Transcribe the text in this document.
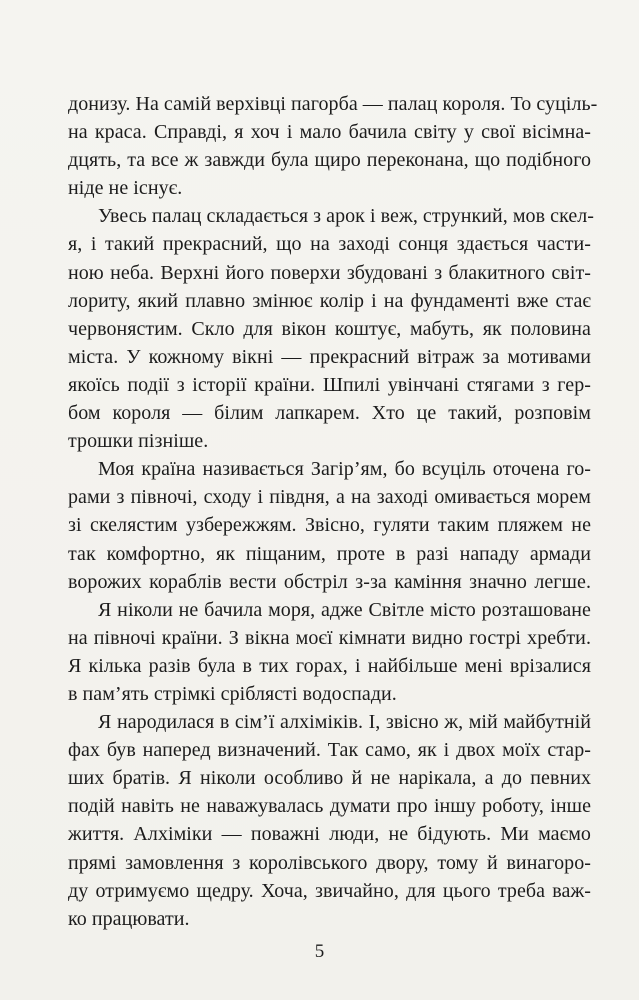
донизу. На самій верхівці пагорба — палац короля. То суціль-
на краса. Справді, я хоч і мало бачила світу у свої вісімна-
дцять, та все ж завжди була щиро переконана, що подібного
ніде не існує.
Увесь палац складається з арок і веж, стрункий, мов скел-
я, і такий прекрасний, що на заході сонця здається части-
ною неба. Верхні його поверхи збудовані з блакитного світ-
лориту, який плавно змінює колір і на фундаменті вже стає
червонястим. Скло для вікон коштує, мабуть, як половина
міста. У кожному вікні — прекрасний вітраж за мотивами
якоїсь події з історії країни. Шпилі увінчані стягами з гер-
бом короля — білим лапкарем. Хто це такий, розповім
трошки пізніше.
Моя країна називається Загір’ям, бо всуціль оточена го-
рами з півночі, сходу і півдня, а на заході омивається морем
зі скелястим узбережжям. Звісно, гуляти таким пляжем не
так комфортно, як піщаним, проте в разі нападу армади
ворожих кораблів вести обстріл з-за каміння значно легше.
Я ніколи не бачила моря, адже Світле місто розташоване
на півночі країни. З вікна моєї кімнати видно гострі хребти.
Я кілька разів була в тих горах, і найбільше мені врізалися
в пам’ять стрімкі сріблясті водоспади.
Я народилася в сім’ї алхіміків. І, звісно ж, мій майбутній
фах був наперед визначений. Так само, як і двох моїх стар-
ших братів. Я ніколи особливо й не нарікала, а до певних
подій навіть не наважувалась думати про іншу роботу, інше
життя. Алхіміки — поважні люди, не бідують. Ми маємо
прямі замовлення з королівського двору, тому й винагоро-
ду отримуємо щедру. Хоча, звичайно, для цього треба важ-
ко працювати.
5
